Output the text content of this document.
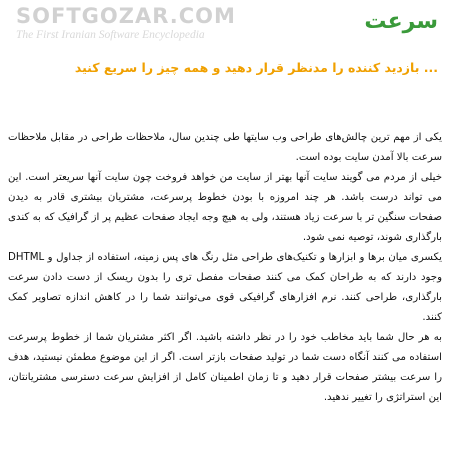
SOFTGOZAR.COM
The First Iranian Software Encyclopedia
سرعت
... بازدید کننده را مدنظر قرار دهید و همه چیز را سریع کنید

یکی از مهم ترین چالش‌های طراحی وب سایتها طی چندین سال، ملاحظات طراحی در مقابل ملاحظات سرعت بالا آمدن سایت بوده است.

خیلی از مردم می گویند سایت آنها بهتر از سایت من خواهد فروخت چون سایت آنها سریعتر است. این می تواند درست باشد. هر چند امروزه با بودن خطوط پرسرعت، مشتریان بیشتری قادر به دیدن صفحات سنگین تر با سرعت زیاد هستند، ولی به هیچ وجه ایجاد صفحات عظیم پر از گرافیک که به کندی بارگذاری شوند، توصیه نمی شود.

یکسری میان برها و ابزارها و تکنیک‌های طراحی مثل رنگ های پس زمینه، استفاده از جداول و DHTML وجود دارند که به طراحان کمک می کنند صفحات مفصل تری را بدون ریسک از دست دادن سرعت بارگذاری، طراحی کنند. نرم افزارهای گرافیکی قوی می‌توانند شما را در کاهش اندازه تصاویر کمک کنند.

به هر حال شما باید مخاطب خود را در نظر داشته باشید. اگر اکثر مشتریان شما از خطوط پرسرعت استفاده می کنند آنگاه دست شما در تولید صفحات بازتر است. اگر از این موضوع مطمئن نیستید، هدف را سرعت بیشتر صفحات قرار دهید و تا زمان اطمینان کامل از افزایش سرعت دسترسی مشتریانتان، این استراتژی را تغییر ندهید.
